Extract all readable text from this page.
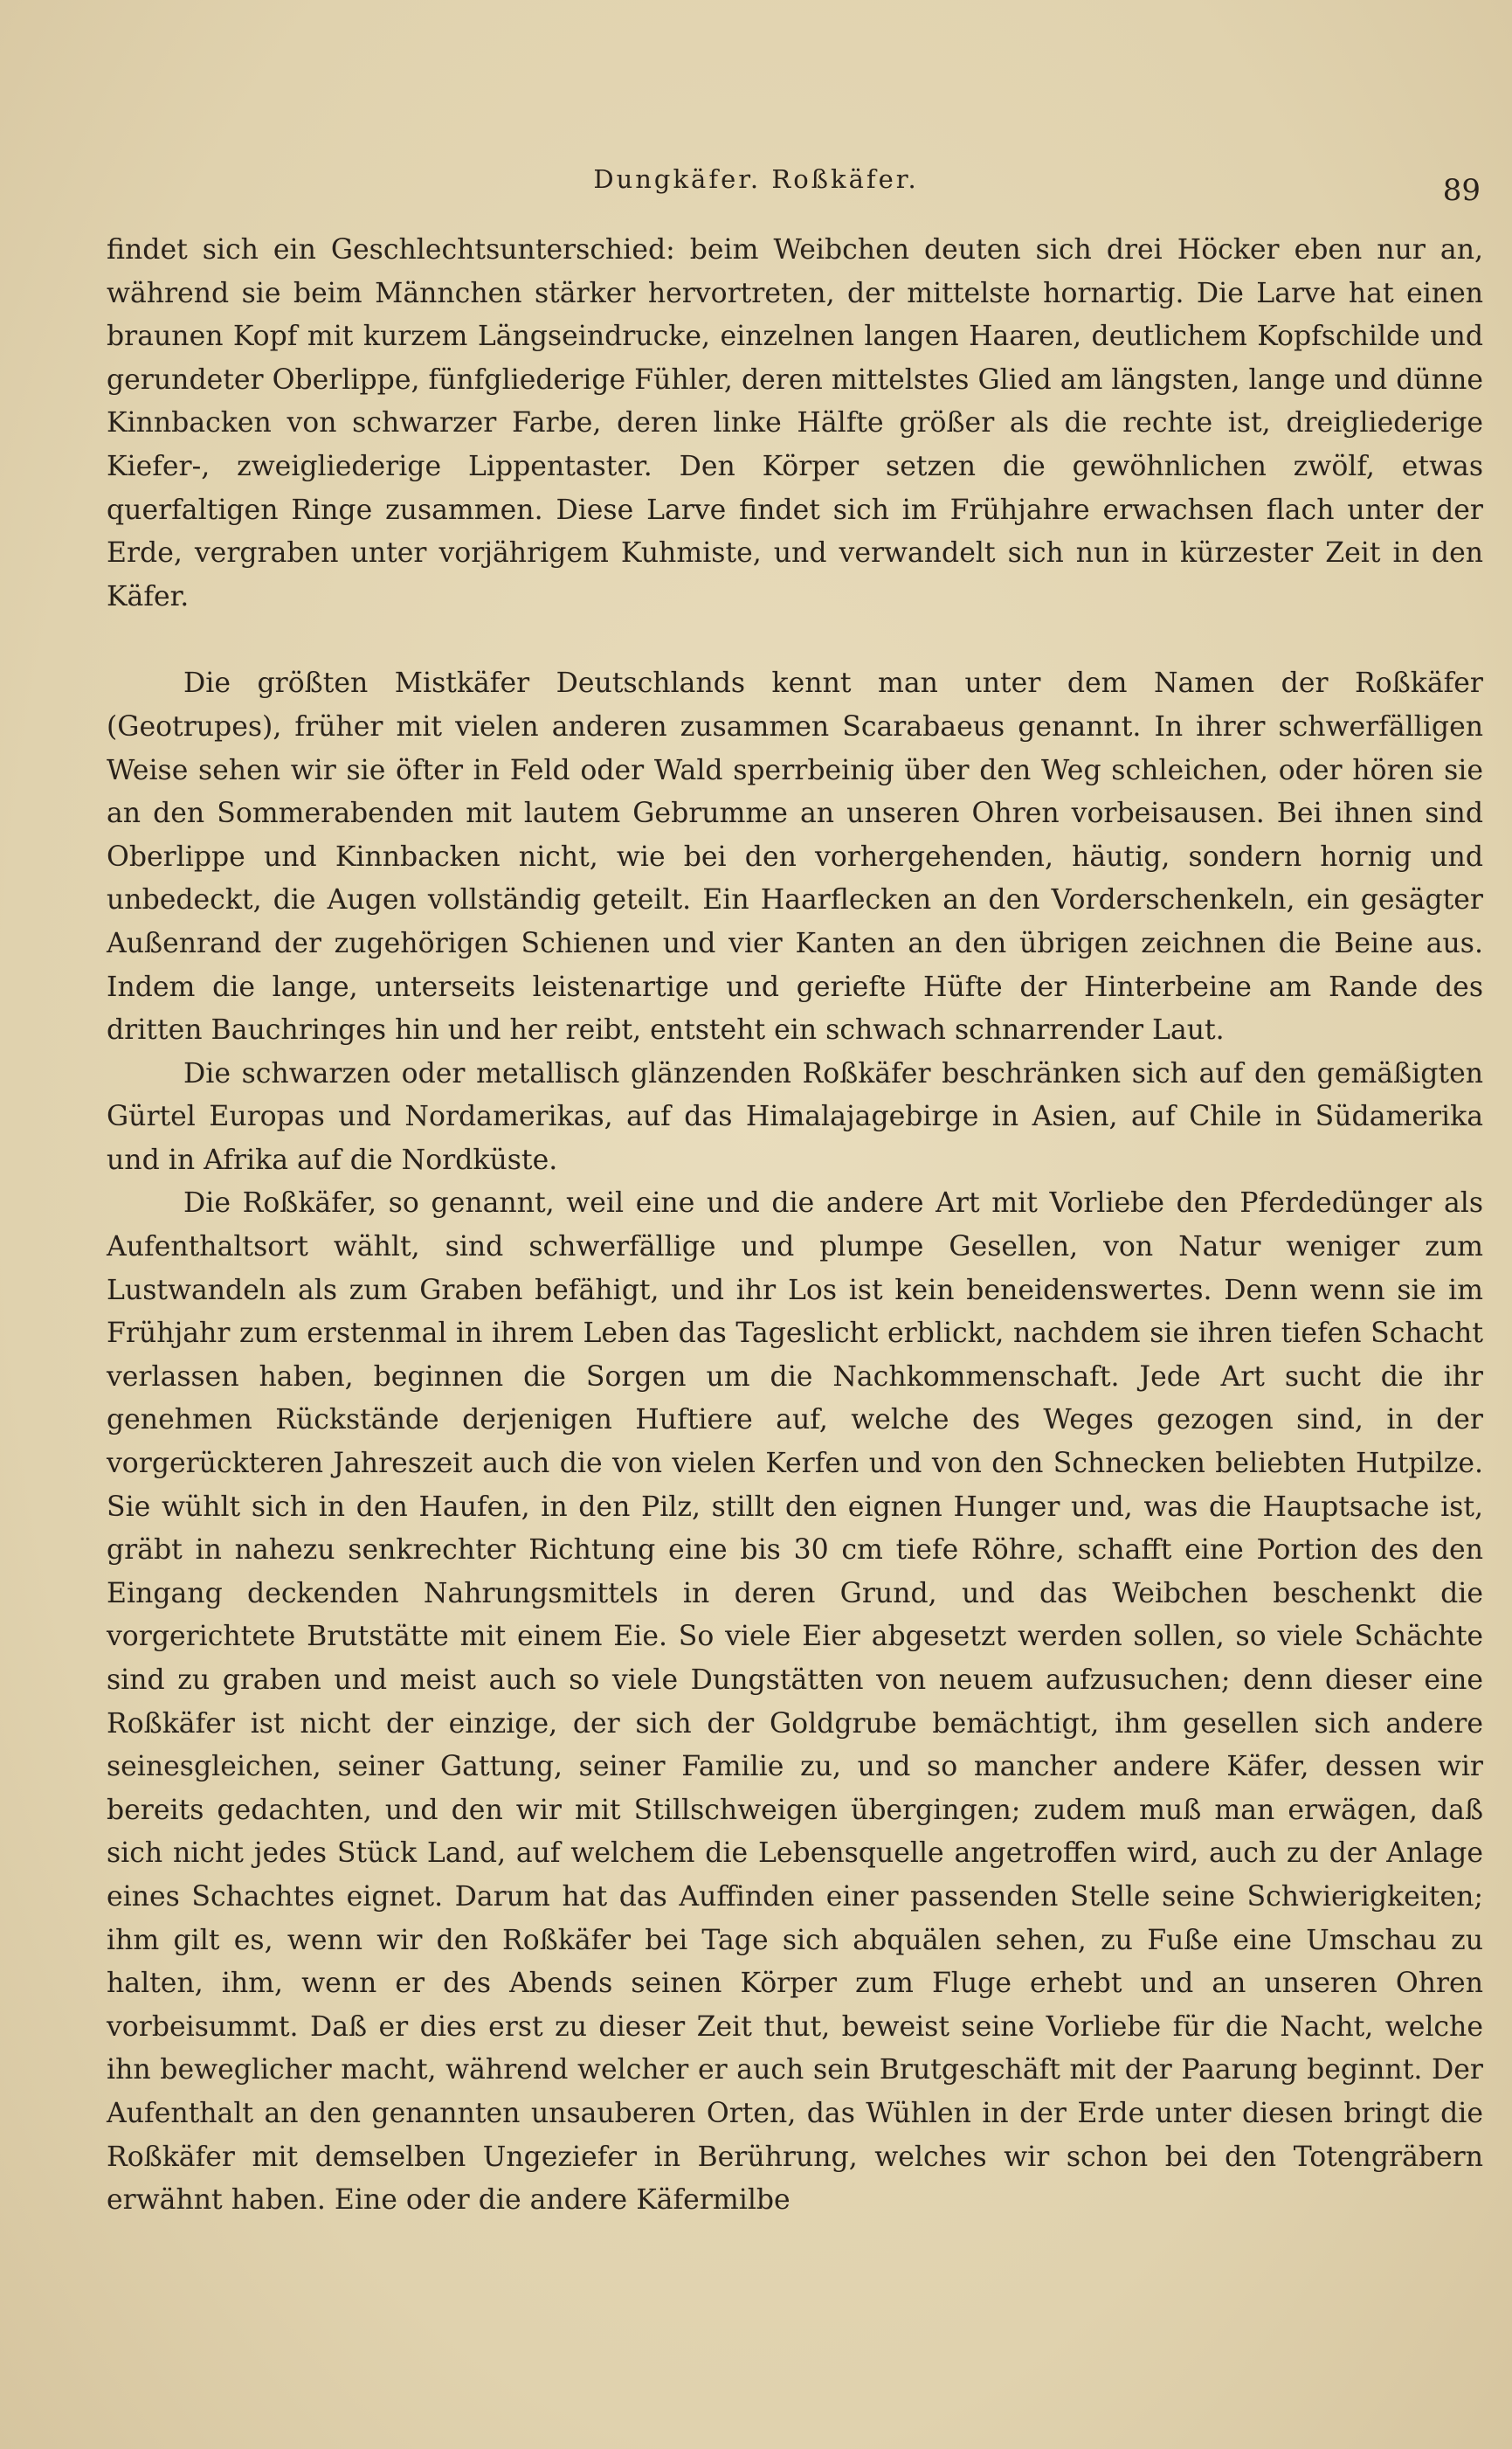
Dungkäfer. Roßkäfer.	89

findet sich ein Geschlechtsunterschied: beim Weibchen deuten sich drei Höcker eben nur an, während sie beim Männchen stärker hervortreten, der mittelste hornartig. Die Larve hat einen braunen Kopf mit kurzem Längseindrucke, einzelnen langen Haaren, deutlichem Kopfschilde und gerundeter Oberlippe, fünfgliederige Fühler, deren mittelstes Glied am längsten, lange und dünne Kinnbacken von schwarzer Farbe, deren linke Hälfte größer als die rechte ist, dreigliederige Kiefer-, zweigliederige Lippentaster. Den Körper setzen die gewöhnlichen zwölf, etwas querfaltigen Ringe zusammen. Diese Larve findet sich im Frühjahre erwachsen flach unter der Erde, vergraben unter vorjährigem Kuhmiste, und verwandelt sich nun in kürzester Zeit in den Käfer.

Die größten Mistkäfer Deutschlands kennt man unter dem Namen der Roßkäfer (Geotrupes), früher mit vielen anderen zusammen Scarabaeus genannt. In ihrer schwerfälligen Weise sehen wir sie öfter in Feld oder Wald sperrbeinig über den Weg schleichen, oder hören sie an den Sommerabenden mit lautem Gebrumme an unseren Ohren vorbeisausen. Bei ihnen sind Oberlippe und Kinnbacken nicht, wie bei den vorhergehenden, häutig, sondern hornig und unbedeckt, die Augen vollständig geteilt. Ein Haarflecken an den Vorderschenkeln, ein gesägter Außenrand der zugehörigen Schienen und vier Kanten an den übrigen zeichnen die Beine aus. Indem die lange, unterseits leistenartige und geriefte Hüfte der Hinterbeine am Rande des dritten Bauchringes hin und her reibt, entsteht ein schwach schnarrender Laut.

Die schwarzen oder metallisch glänzenden Roßkäfer beschränken sich auf den gemäßigten Gürtel Europas und Nordamerikas, auf das Himalajagebirge in Asien, auf Chile in Südamerika und in Afrika auf die Nordküste.

Die Roßkäfer, so genannt, weil eine und die andere Art mit Vorliebe den Pferdedünger als Aufenthaltsort wählt, sind schwerfällige und plumpe Gesellen, von Natur weniger zum Lustwandeln als zum Graben befähigt, und ihr Los ist kein beneidenswertes. Denn wenn sie im Frühjahr zum erstenmal in ihrem Leben das Tageslicht erblickt, nachdem sie ihren tiefen Schacht verlassen haben, beginnen die Sorgen um die Nachkommenschaft. Jede Art sucht die ihr genehmen Rückstände derjenigen Huftiere auf, welche des Weges gezogen sind, in der vorgerückteren Jahreszeit auch die von vielen Kerfen und von den Schnecken beliebten Hutpilze. Sie wühlt sich in den Haufen, in den Pilz, stillt den eignen Hunger und, was die Hauptsache ist, gräbt in nahezu senkrechter Richtung eine bis 30 cm tiefe Röhre, schafft eine Portion des den Eingang deckenden Nahrungsmittels in deren Grund, und das Weibchen beschenkt die vorgerichtete Brutstätte mit einem Eie. So viele Eier abgesetzt werden sollen, so viele Schächte sind zu graben und meist auch so viele Dungstätten von neuem aufzusuchen; denn dieser eine Roßkäfer ist nicht der einzige, der sich der Goldgrube bemächtigt, ihm gesellen sich andere seinesgleichen, seiner Gattung, seiner Familie zu, und so mancher andere Käfer, dessen wir bereits gedachten, und den wir mit Stillschweigen übergingen; zudem muß man erwägen, daß sich nicht jedes Stück Land, auf welchem die Lebensquelle angetroffen wird, auch zu der Anlage eines Schachtes eignet. Darum hat das Auffinden einer passenden Stelle seine Schwierigkeiten; ihm gilt es, wenn wir den Roßkäfer bei Tage sich abquälen sehen, zu Fuße eine Umschau zu halten, ihm, wenn er des Abends seinen Körper zum Fluge erhebt und an unseren Ohren vorbeisummt. Daß er dies erst zu dieser Zeit thut, beweist seine Vorliebe für die Nacht, welche ihn beweglicher macht, während welcher er auch sein Brutgeschäft mit der Paarung beginnt. Der Aufenthalt an den genannten unsauberen Orten, das Wühlen in der Erde unter diesen bringt die Roßkäfer mit demselben Ungeziefer in Berührung, welches wir schon bei den Totengräbern erwähnt haben. Eine oder die andere Käfermilbe
